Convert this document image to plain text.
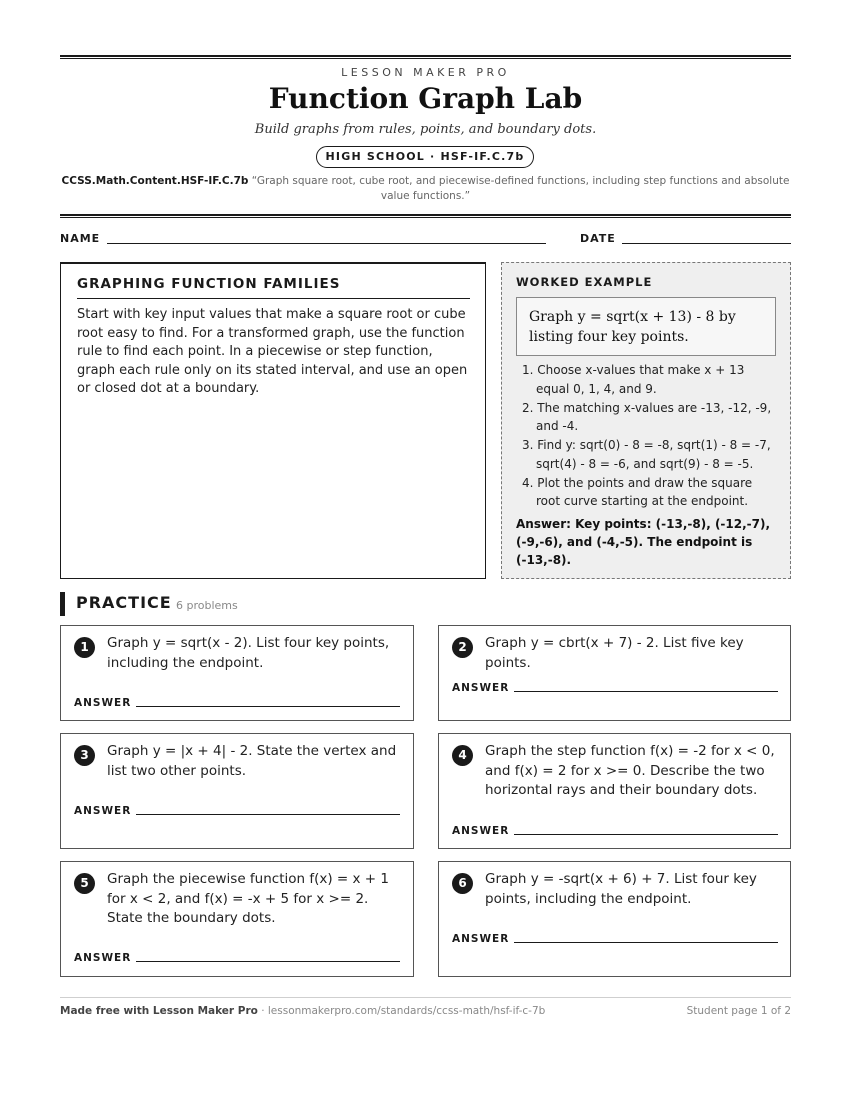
LESSON MAKER PRO
Function Graph Lab
Build graphs from rules, points, and boundary dots.
HIGH SCHOOL · HSF-IF.C.7b
CCSS.Math.Content.HSF-IF.C.7b “Graph square root, cube root, and piecewise-defined functions, including step functions and absolute value functions.”
NAME	DATE
GRAPHING FUNCTION FAMILIES
Start with key input values that make a square root or cube root easy to find. For a transformed graph, use the function rule to find each point. In a piecewise or step function, graph each rule only on its stated interval, and use an open or closed dot at a boundary.
WORKED EXAMPLE
Graph y = sqrt(x + 13) - 8 by listing four key points.
1. Choose x-values that make x + 13 equal 0, 1, 4, and 9.
2. The matching x-values are -13, -12, -9, and -4.
3. Find y: sqrt(0) - 8 = -8, sqrt(1) - 8 = -7, sqrt(4) - 8 = -6, and sqrt(9) - 8 = -5.
4. Plot the points and draw the square root curve starting at the endpoint.
Answer: Key points: (-13,-8), (-12,-7), (-9,-6), and (-4,-5). The endpoint is (-13,-8).
PRACTICE 6 problems
1	Graph y = sqrt(x - 2). List four key points, including the endpoint.
ANSWER
2	Graph y = cbrt(x + 7) - 2. List five key points.
ANSWER
3	Graph y = |x + 4| - 2. State the vertex and list two other points.
ANSWER
4	Graph the step function f(x) = -2 for x < 0, and f(x) = 2 for x >= 0. Describe the two horizontal rays and their boundary dots.
ANSWER
5	Graph the piecewise function f(x) = x + 1 for x < 2, and f(x) = -x + 5 for x >= 2. State the boundary dots.
ANSWER
6	Graph y = -sqrt(x + 6) + 7. List four key points, including the endpoint.
ANSWER
Made free with Lesson Maker Pro · lessonmakerpro.com/standards/ccss-math/hsf-if-c-7b	Student page 1 of 2
